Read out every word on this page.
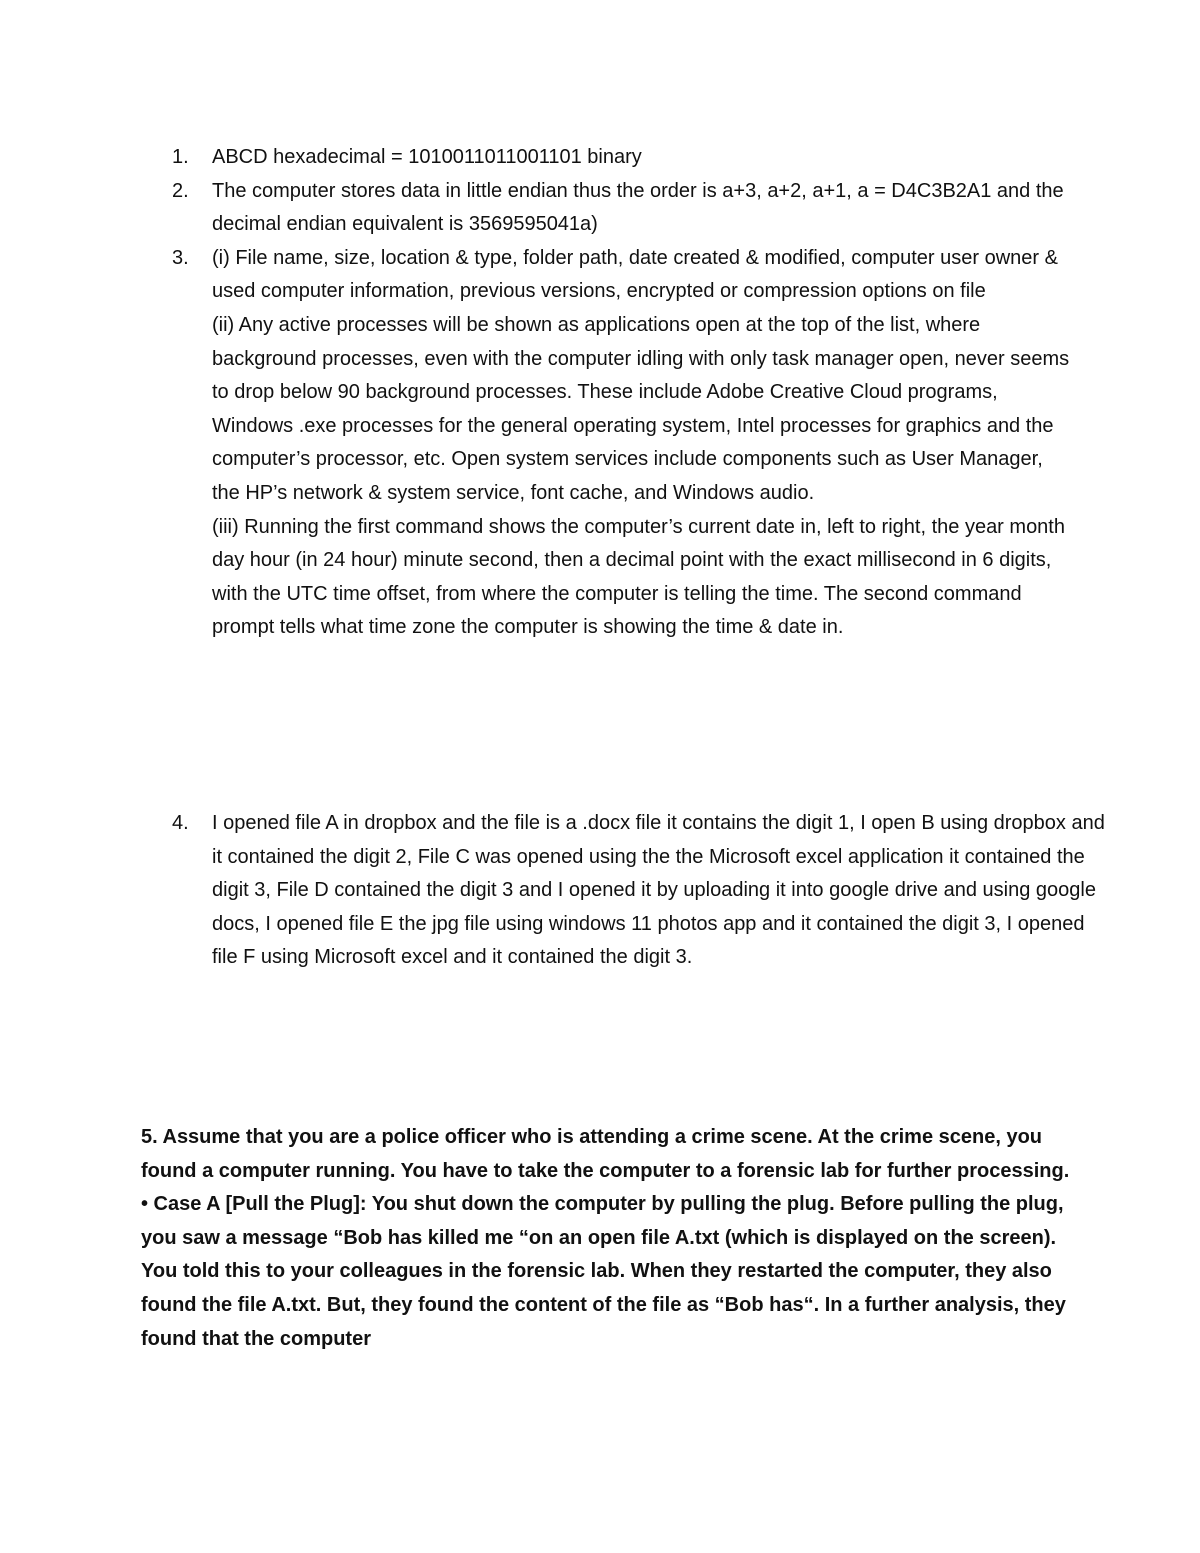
1. ABCD hexadecimal = 1010011011001101 binary
2. The computer stores data in little endian thus the order is a+3, a+2, a+1, a = D4C3B2A1 and the decimal endian equivalent is 3569595041a)
3. (i) File name, size, location & type, folder path, date created & modified, computer user owner & used computer information, previous versions, encrypted or compression options on file
(ii) Any active processes will be shown as applications open at the top of the list, where background processes, even with the computer idling with only task manager open, never seems to drop below 90 background processes. These include Adobe Creative Cloud programs, Windows .exe processes for the general operating system, Intel processes for graphics and the computer’s processor, etc. Open system services include components such as User Manager, the HP’s network & system service, font cache, and Windows audio.
(iii) Running the first command shows the computer’s current date in, left to right, the year month day hour (in 24 hour) minute second, then a decimal point with the exact millisecond in 6 digits, with the UTC time offset, from where the computer is telling the time. The second command prompt tells what time zone the computer is showing the time & date in.
4. I opened file A in dropbox and the file is a .docx file it contains the digit 1, I open B using dropbox and it contained the digit 2, File C was opened using the the Microsoft excel application it contained the digit 3, File D contained the digit 3 and I opened it by uploading it into google drive and using google docs, I opened file E the jpg file using windows 11 photos app and it contained the digit 3, I opened file F using Microsoft excel and it contained the digit 3.

5. Assume that you are a police officer who is attending a crime scene. At the crime scene, you found a computer running. You have to take the computer to a forensic lab for further processing.

• Case A [Pull the Plug]: You shut down the computer by pulling the plug. Before pulling the plug, you saw a message “Bob has killed me “on an open file A.txt (which is displayed on the screen). You told this to your colleagues in the forensic lab. When they restarted the computer, they also found the file A.txt. But, they found the content of the file as “Bob has“. In a further analysis, they found that the computer
